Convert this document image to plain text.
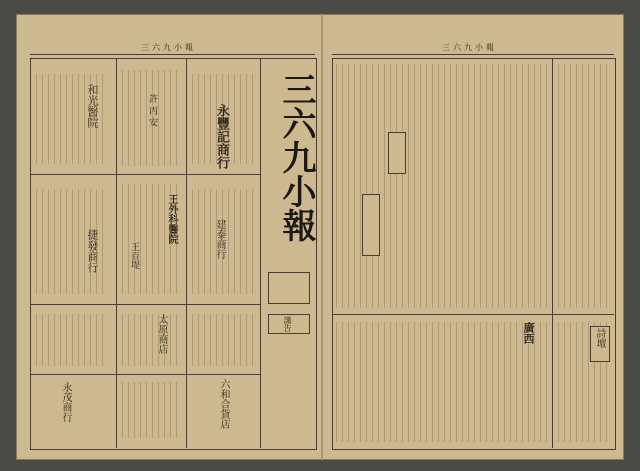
三六九小報
三六九小報
謹告
和光醫院	永豐記商行
建泰商行
王外科醫院
捷發商行	王百堤
太原商店
永茂商行	六和合貨店
許 丙 安
三六九小報
詩壇
廣西
